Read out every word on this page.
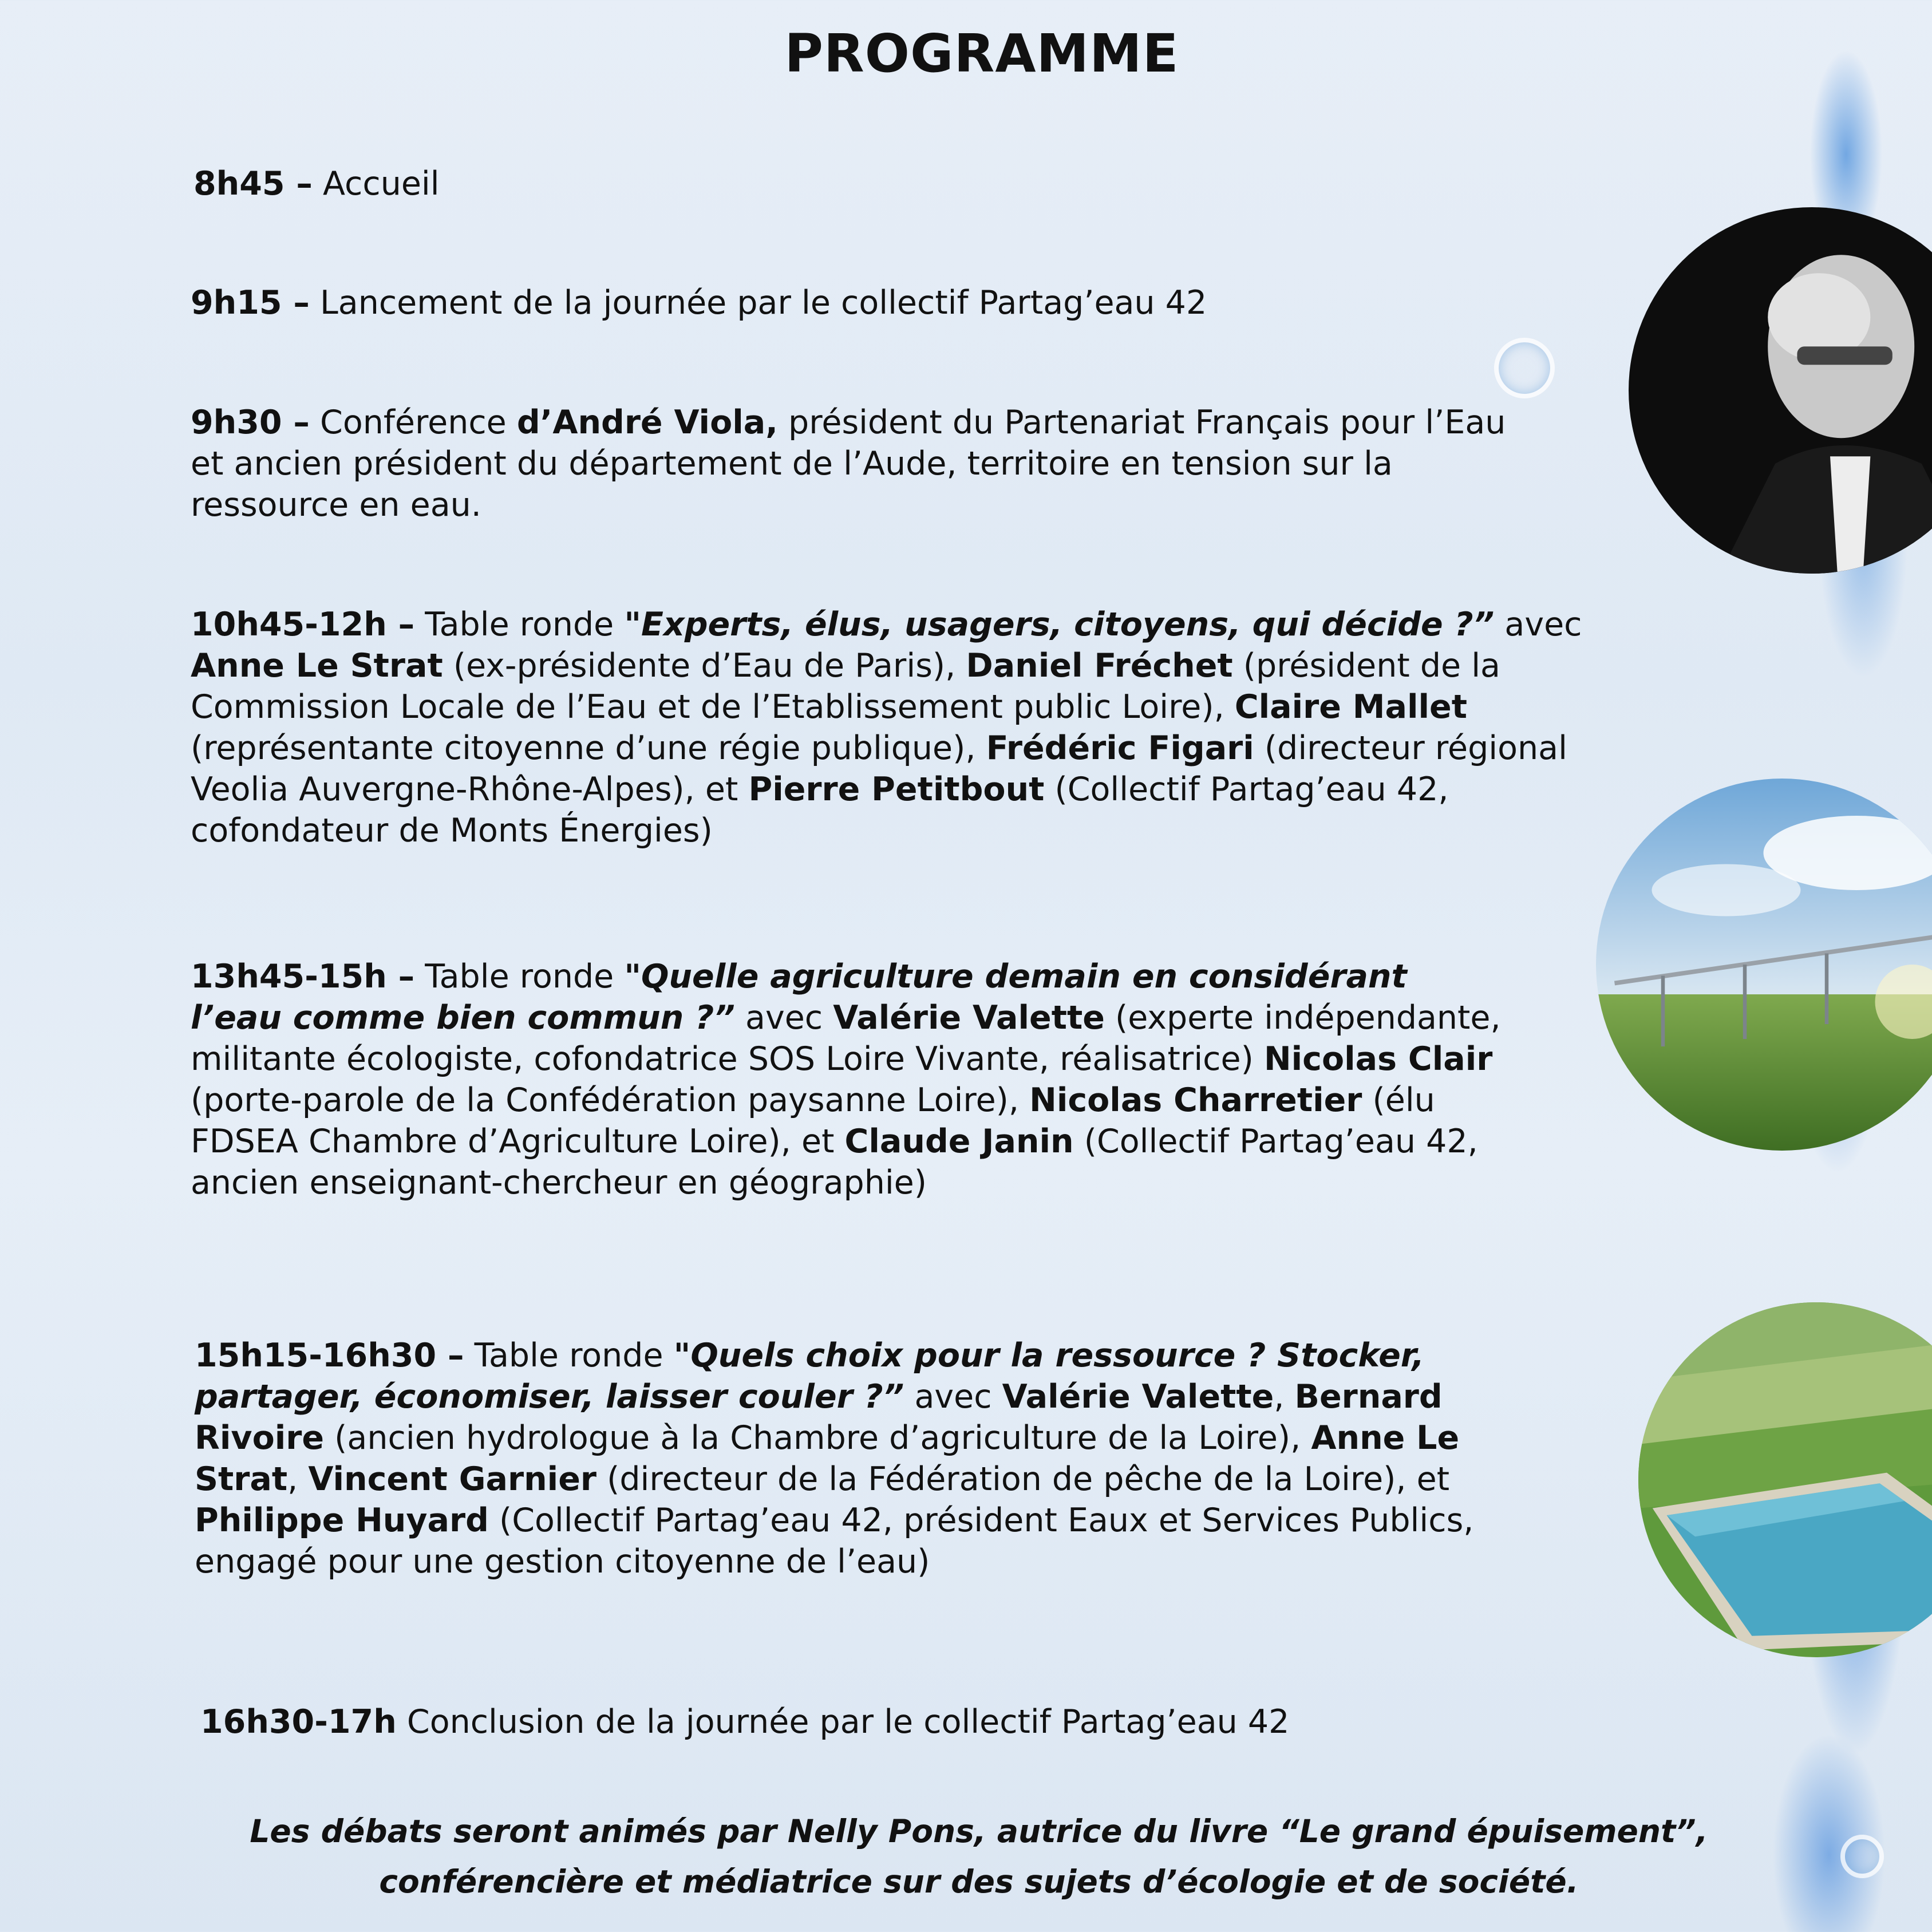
PROGRAMME

8h45 – Accueil

9h15 – Lancement de la journée par le collectif Partag’eau 42

9h30 – Conférence d’André Viola, président du Partenariat Français pour l’Eau et ancien président du département de l’Aude, territoire en tension sur la ressource en eau.

10h45-12h – Table ronde "Experts, élus, usagers, citoyens, qui décide ?” avec Anne Le Strat (ex-présidente d’Eau de Paris), Daniel Fréchet (président de la Commission Locale de l’Eau et de l’Etablissement public Loire), Claire Mallet (représentante citoyenne d’une régie publique), Frédéric Figari (directeur régional Veolia Auvergne-Rhône-Alpes), et Pierre Petitbout (Collectif Partag’eau 42, cofondateur de Monts Énergies)

13h45-15h – Table ronde "Quelle agriculture demain en considérant l’eau comme bien commun ?” avec Valérie Valette (experte indépendante, militante écologiste, cofondatrice SOS Loire Vivante, réalisatrice) Nicolas Clair (porte-parole de la Confédération paysanne Loire), Nicolas Charretier (élu FDSEA Chambre d’Agriculture Loire), et Claude Janin (Collectif Partag’eau 42, ancien enseignant-chercheur en géographie)

15h15-16h30 – Table ronde "Quels choix pour la ressource ? Stocker, partager, économiser, laisser couler ?” avec Valérie Valette, Bernard Rivoire (ancien hydrologue à la Chambre d’agriculture de la Loire), Anne Le Strat, Vincent Garnier (directeur de la Fédération de pêche de la Loire), et Philippe Huyard (Collectif Partag’eau 42, président Eaux et Services Publics, engagé pour une gestion citoyenne de l’eau)

16h30-17h Conclusion de la journée par le collectif Partag’eau 42

Les débats seront animés par Nelly Pons, autrice du livre “Le grand épuisement”, conférencière et médiatrice sur des sujets d’écologie et de société.
